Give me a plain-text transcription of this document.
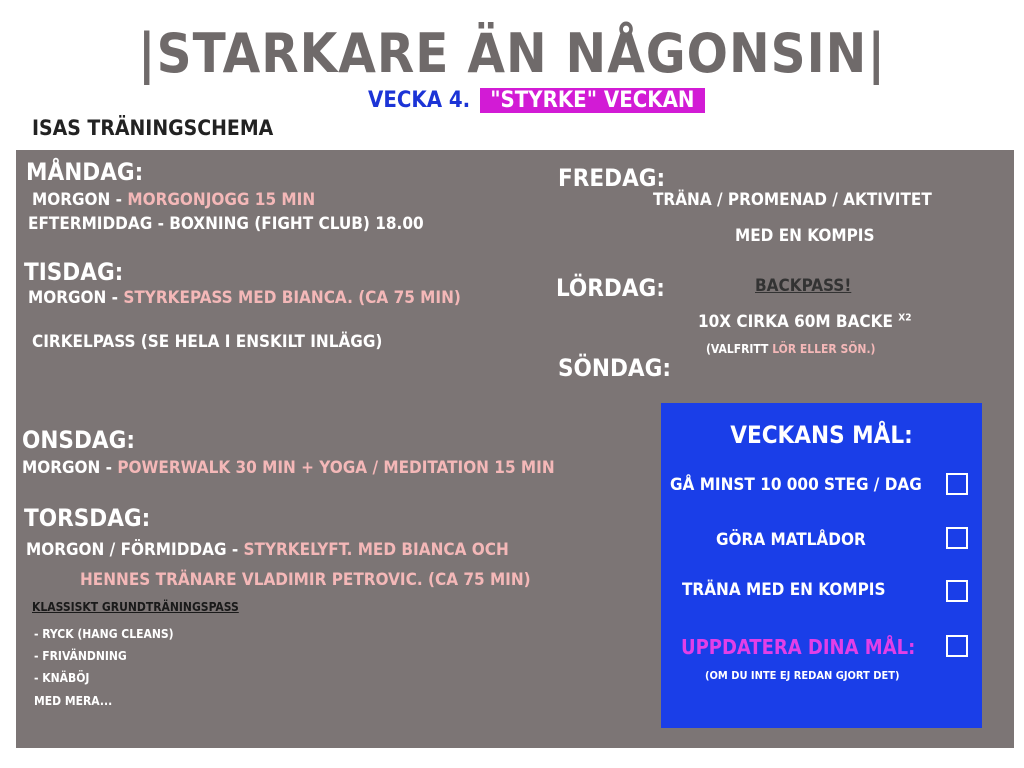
|STARKARE ÄN NÅGONSIN|
VECKA 4. "STYRKE" VECKAN
ISAS TRÄNINGSCHEMA
MÅNDAG:
MORGON - MORGONJOGG 15 MIN
EFTERMIDDAG - BOXNING (FIGHT CLUB) 18.00
TISDAG:
MORGON - STYRKEPASS MED BIANCA. (CA 75 MIN)
CIRKELPASS (SE HELA I ENSKILT INLÄGG)
ONSDAG:
MORGON - POWERWALK 30 MIN + YOGA / MEDITATION 15 MIN
TORSDAG:
MORGON / FÖRMIDDAG - STYRKELYFT. MED BIANCA OCH
HENNES TRÄNARE VLADIMIR PETROVIC. (CA 75 MIN)
KLASSISKT GRUNDTRÄNINGSPASS
- RYCK (HANG CLEANS)
- FRIVÄNDNING
- KNÄBÖJ
MED MERA...
FREDAG:
TRÄNA / PROMENAD / AKTIVITET
MED EN KOMPIS
LÖRDAG:	BACKPASS!
10X CIRKA 60M BACKE $^{X2}$
(VALFRITT LÖR ELLER SÖN.)
SÖNDAG:
VECKANS MÅL:
GÅ MINST 10 000 STEG / DAG
GÖRA MATLÅDOR
TRÄNA MED EN KOMPIS
UPPDATERA DINA MÅL:
(OM DU INTE EJ REDAN GJORT DET)
